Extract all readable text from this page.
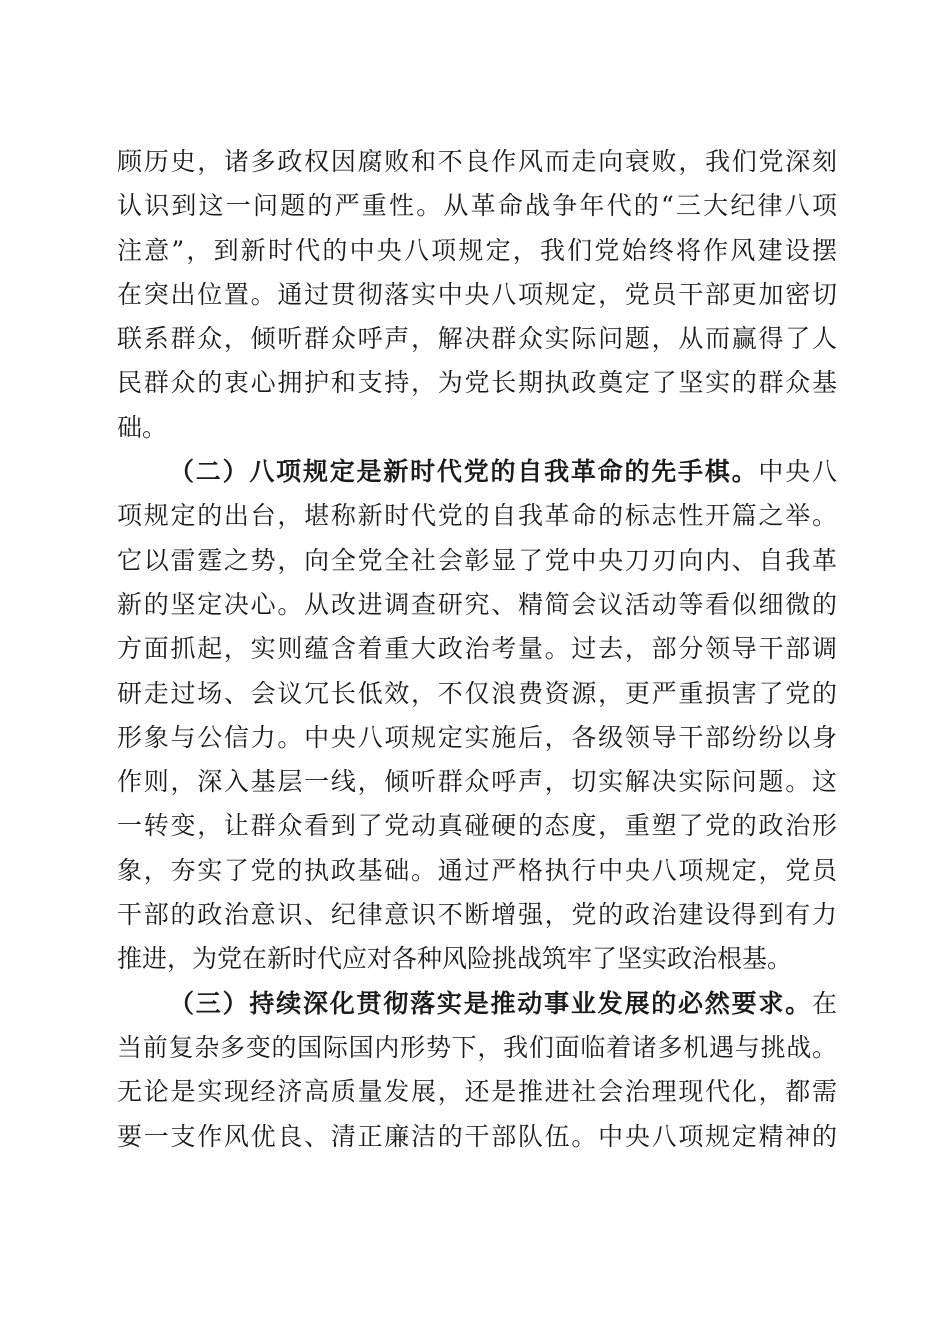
顾历史，诸多政权因腐败和不良作风而走向衰败，我们党深刻
认识到这一问题的严重性。从革命战争年代的“三大纪律八项
注意”，到新时代的中央八项规定，我们党始终将作风建设摆
在突出位置。通过贯彻落实中央八项规定，党员干部更加密切
联系群众，倾听群众呼声，解决群众实际问题，从而赢得了人
民群众的衷心拥护和支持，为党长期执政奠定了坚实的群众基
础。
（二）八项规定是新时代党的自我革命的先手棋。中央八
项规定的出台，堪称新时代党的自我革命的标志性开篇之举。
它以雷霆之势，向全党全社会彰显了党中央刀刃向内、自我革
新的坚定决心。从改进调查研究、精简会议活动等看似细微的
方面抓起，实则蕴含着重大政治考量。过去，部分领导干部调
研走过场、会议冗长低效，不仅浪费资源，更严重损害了党的
形象与公信力。中央八项规定实施后，各级领导干部纷纷以身
作则，深入基层一线，倾听群众呼声，切实解决实际问题。这
一转变，让群众看到了党动真碰硬的态度，重塑了党的政治形
象，夯实了党的执政基础。通过严格执行中央八项规定，党员
干部的政治意识、纪律意识不断增强，党的政治建设得到有力
推进，为党在新时代应对各种风险挑战筑牢了坚实政治根基。
（三）持续深化贯彻落实是推动事业发展的必然要求。在
当前复杂多变的国际国内形势下，我们面临着诸多机遇与挑战。
无论是实现经济高质量发展，还是推进社会治理现代化，都需
要一支作风优良、清正廉洁的干部队伍。中央八项规定精神的
